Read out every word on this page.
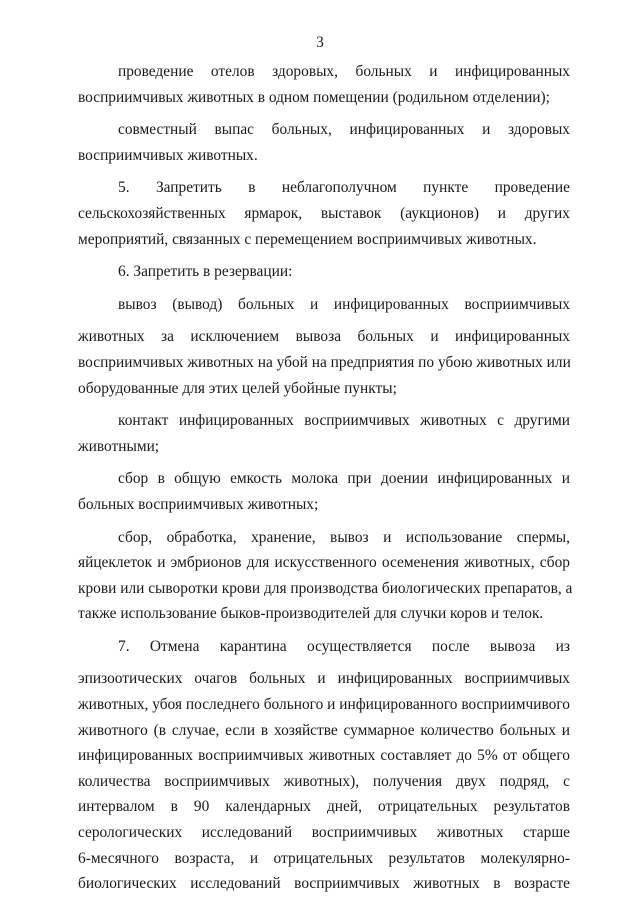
3
проведение отелов здоровых, больных и инфицированных
восприимчивых животных в одном помещении (родильном отделении);
совместный выпас больных, инфицированных и здоровых
восприимчивых животных.
5. Запретить в неблагополучном пункте проведение
сельскохозяйственных ярмарок, выставок (аукционов) и других
мероприятий, связанных с перемещением восприимчивых животных.
6. Запретить в резервации:
вывоз (вывод) больных и инфицированных восприимчивых
животных за исключением вывоза больных и инфицированных
восприимчивых животных на убой на предприятия по убою животных или
оборудованные для этих целей убойные пункты;
контакт инфицированных восприимчивых животных с другими
животными;
сбор в общую емкость молока при доении инфицированных и
больных восприимчивых животных;
сбор, обработка, хранение, вывоз и использование спермы,
яйцеклеток и эмбрионов для искусственного осеменения животных, сбор
крови или сыворотки крови для производства биологических препаратов, а
также использование быков-производителей для случки коров и телок.
7. Отмена карантина осуществляется после вывоза из
эпизоотических очагов больных и инфицированных восприимчивых
животных, убоя последнего больного и инфицированного восприимчивого
животного (в случае, если в хозяйстве суммарное количество больных и
инфицированных восприимчивых животных составляет до 5% от общего
количества восприимчивых животных), получения двух подряд, с
интервалом в 90 календарных дней, отрицательных результатов
серологических исследований восприимчивых животных старше
6-месячного возраста, и отрицательных результатов молекулярно-
биологических исследований восприимчивых животных в возрасте
